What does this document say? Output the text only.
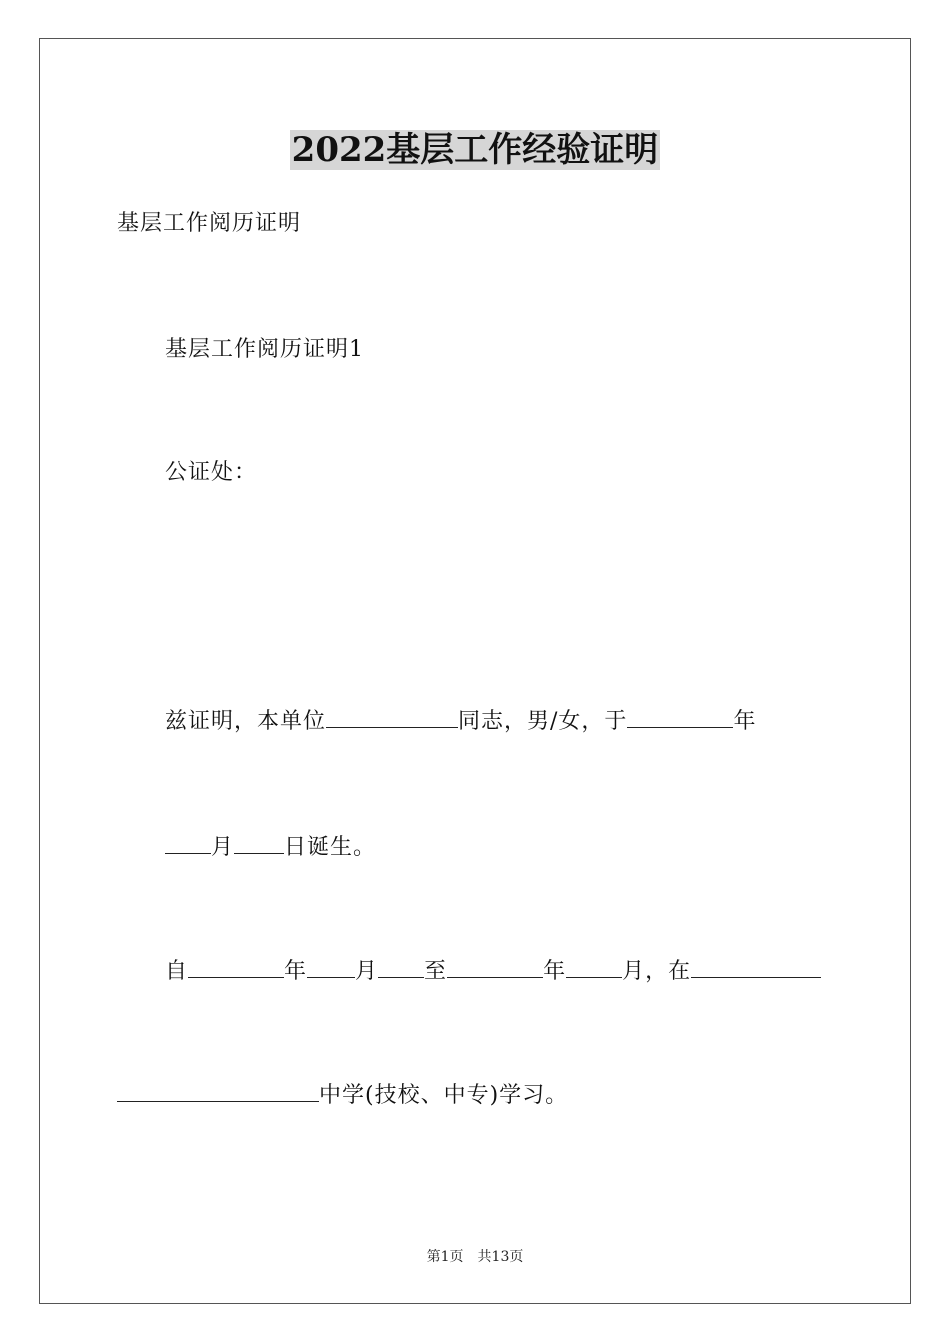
2022基层工作经验证明
基层工作阅历证明
基层工作阅历证明1
公证处：
兹证明，本单位	同志，男/女，于	年
月 日诞生。
自	年 月 至	年	月，在
中学(技校、中专)学习。
第1页 共13页
